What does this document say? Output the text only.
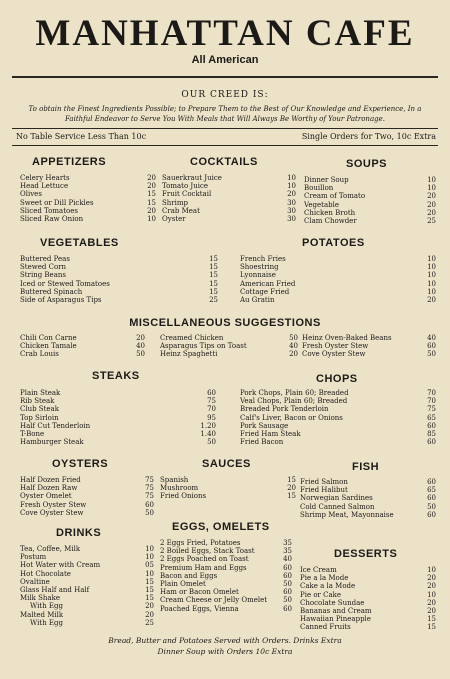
MANHATTAN CAFE
All American
OUR CREED IS:
To obtain the Finest Ingredients Possible; to Prepare Them to the Best of Our Knowledge and Experience, In a Faithful Endeavor to Serve You With Meals that Will Always Be Worthy of Your Patronage.
No Table Service Less Than 10c	Single Orders for Two, 10c Extra
APPETIZERS
Celery Hearts	20
Head Lettuce	20
Olives	15
Sweet or Dill Pickles	15
Sliced Tomatoes	20
Sliced Raw Onion	10
COCKTAILS
Sauerkraut Juice	10
Tomato Juice	10
Fruit Cocktail	20
Shrimp	30
Crab Meat	30
Oyster	30
SOUPS
Dinner Soup	10
Bouillon	10
Cream of Tomato	20
Vegetable	20
Chicken Broth	20
Clam Chowder	25
VEGETABLES
Buttered Peas	15
Stewed Corn	15
String Beans	15
Iced or Stewed Tomatoes	15
Buttered Spinach	15
Side of Asparagus Tips	25
POTATOES
French Fries	10
Shoestring	10
Lyonnaise	10
American Fried	10
Cottage Fried	10
Au Gratin	20
MISCELLANEOUS SUGGESTIONS
Chili Con Carne	20
Chicken Tamale	40
Crab Louis	50
Creamed Chicken	50
Asparagus Tips on Toast	40
Heinz Spaghetti	20
Heinz Oven-Baked Beans	40
Fresh Oyster Stew	60
Cove Oyster Stew	50
STEAKS
Plain Steak	60
Rib Steak	75
Club Steak	70
Top Sirloin	95
Half Cut Tenderloin	1.20
T-Bone	1.40
Hamburger Steak	50
CHOPS
Pork Chops, Plain 60; Breaded	70
Veal Chops, Plain 60; Breaded	70
Breaded Pork Tenderloin	75
Calf's Liver, Bacon or Onions	65
Pork Sausage	60
Fried Ham Steak	85
Fried Bacon	60
OYSTERS
Half Dozen Fried	75
Half Dozen Raw	75
Oyster Omelet	75
Fresh Oyster Stew	60
Cove Oyster Stew	50
SAUCES
Spanish	15
Mushroom	20
Fried Onions	15
FISH
Fried Salmon	60
Fried Halibut	65
Norwegian Sardines	60
Cold Canned Salmon	50
Shrimp Meat, Mayonnaise	60
DRINKS
Tea, Coffee, Milk	10
Postum	10
Hot Water with Cream	05
Hot Chocolate	10
Ovaltine	15
Glass Half and Half	15
Milk Shake	15
With Egg	20
Malted Milk	20
With Egg	25
EGGS, OMELETS
2 Eggs Fried, Potatoes	35
2 Boiled Eggs, Stack Toast	35
2 Eggs Poached on Toast	40
Premium Ham and Eggs	60
Bacon and Eggs	60
Plain Omelet	50
Ham or Bacon Omelet	60
Cream Cheese or Jelly Omelet 50
Poached Eggs, Vienna	60
DESSERTS
Ice Cream	10
Pie a la Mode	20
Cake a la Mode	20
Pie or Cake	10
Chocolate Sundae	20
Bananas and Cream	20
Hawaiian Pineapple	15
Canned Fruits	15
Bread, Butter and Potatoes Served with Orders. Drinks Extra
Dinner Soup with Orders 10c Extra
